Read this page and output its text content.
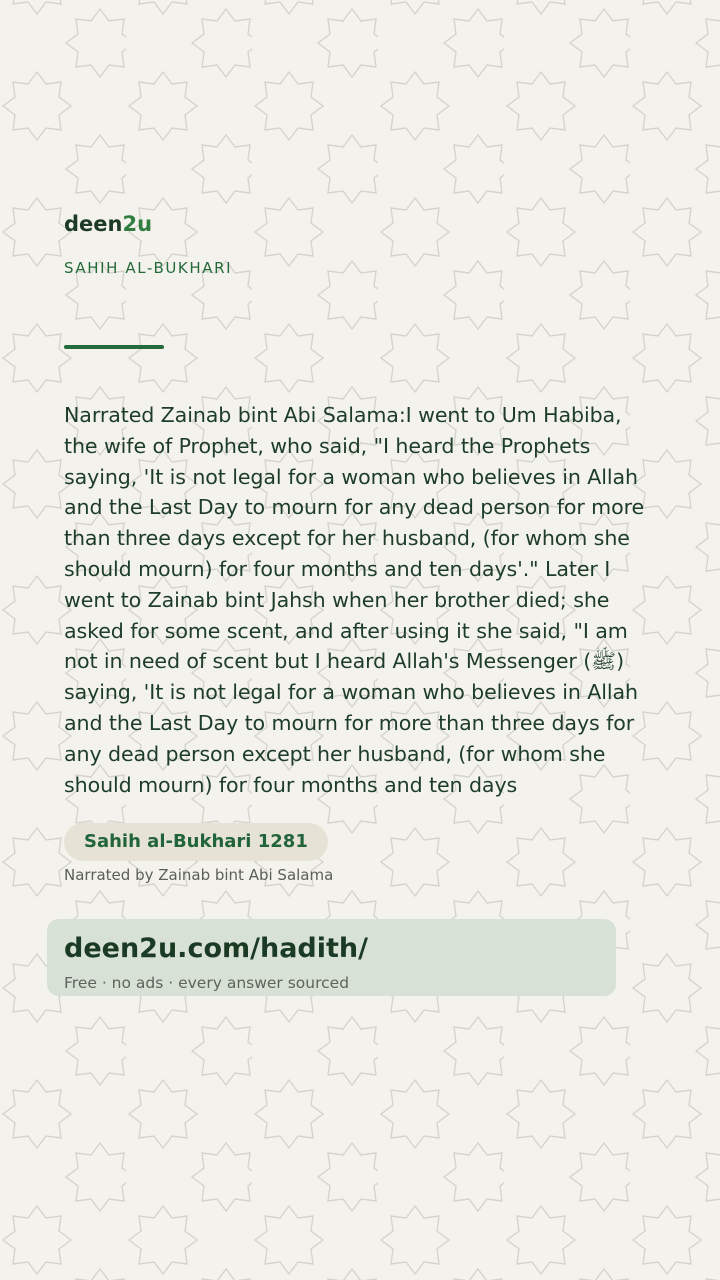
deen2u
SAHIH AL-BUKHARI
Narrated Zainab bint Abi Salama:I went to Um Habiba, the wife of Prophet, who said, "I heard the Prophets saying, 'It is not legal for a woman who believes in Allah and the Last Day to mourn for any dead person for more than three days except for her husband, (for whom she should mourn) for four months and ten days'." Later I went to Zainab bint Jahsh when her brother died; she asked for some scent, and after using it she said, "I am not in need of scent but I heard Allah's Messenger (ﷺ) saying, 'It is not legal for a woman who believes in Allah and the Last Day to mourn for more than three days for any dead person except her husband, (for whom she should mourn) for four months and ten days
Sahih al-Bukhari 1281
Narrated by Zainab bint Abi Salama
deen2u.com/hadith/
Free · no ads · every answer sourced
